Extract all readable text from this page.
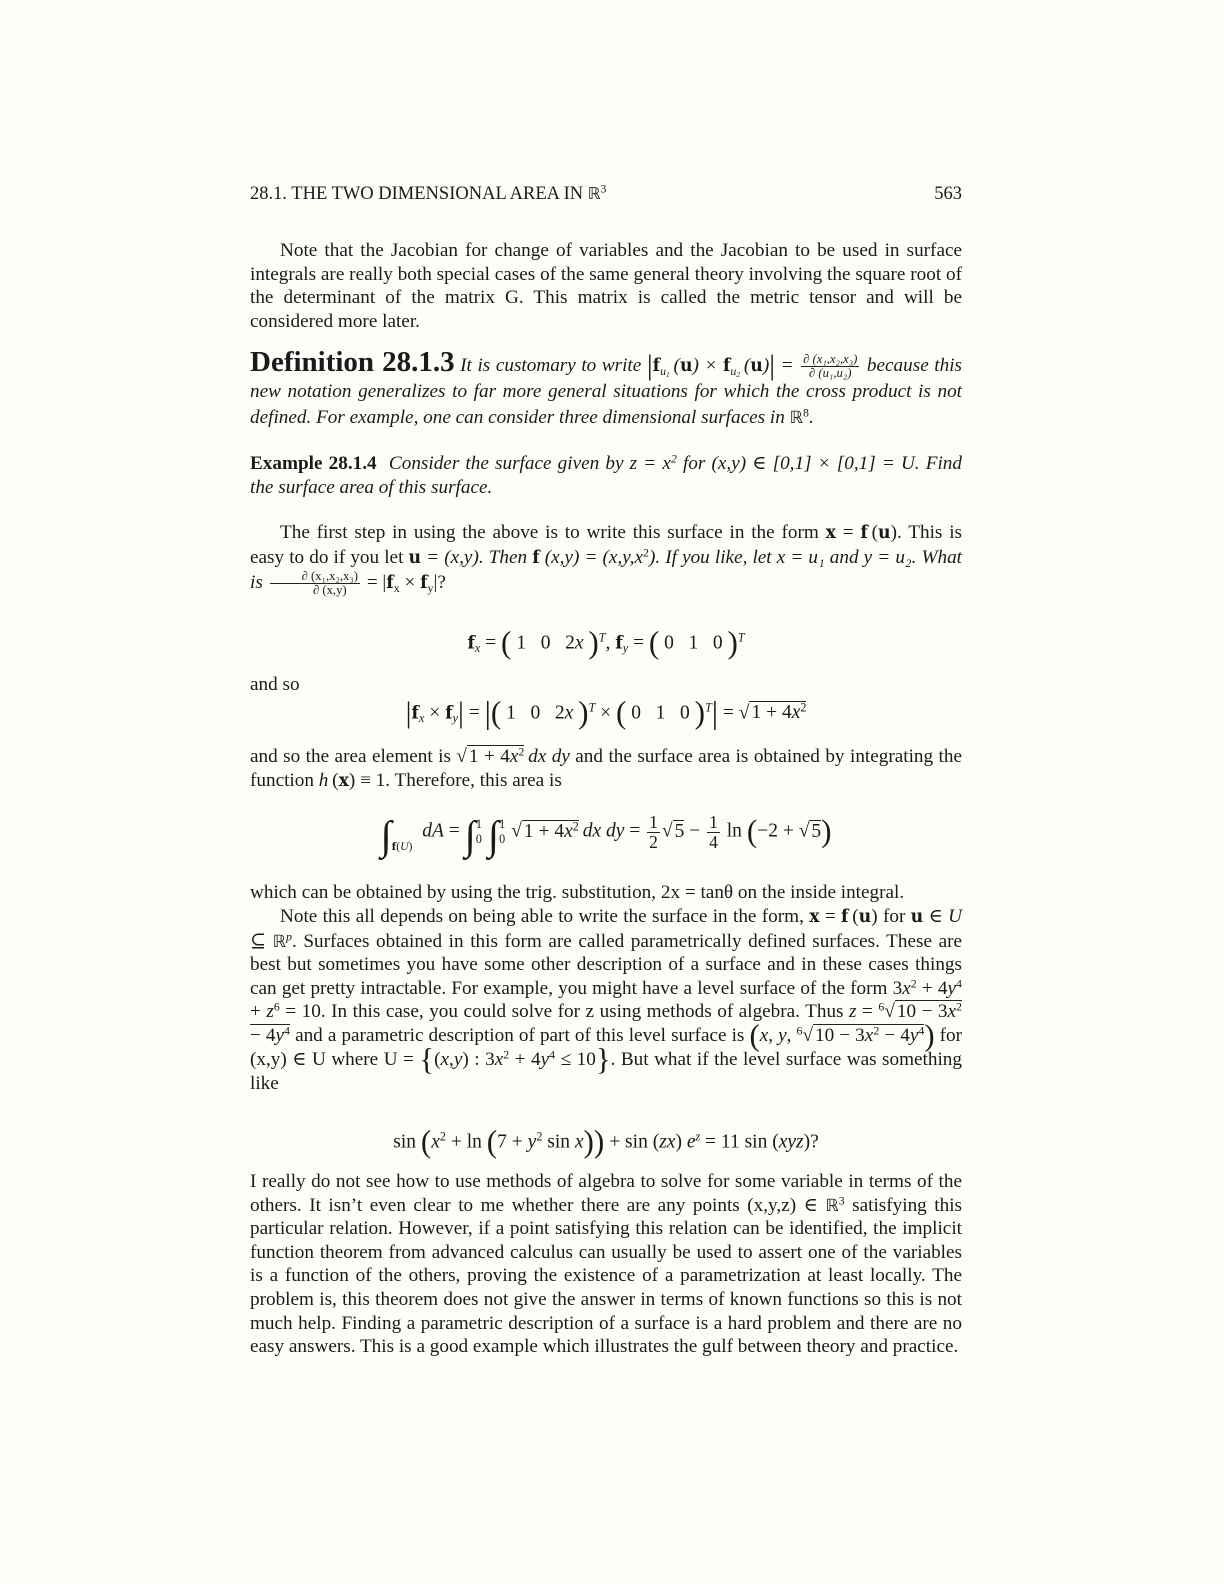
28.1. THE TWO DIMENSIONAL AREA IN ℝ$^3$	563
Note that the Jacobian for change of variables and the Jacobian to be used in surface integrals are really both special cases of the same general theory involving the square root of the determinant of the matrix G. This matrix is called the metric tensor and will be considered more later.
Definition 28.1.3 It is customary to write $|f_{u_1}$ $(u) \times f_{u_2}$ $(u)| = \frac{\text{∂ (x₁,x₂,x₃)}}{\text{∂ (u₁,u₂)}}$ because this new notation generalizes to far more general situations for which the cross product is not defined. For example, one can consider three dimensional surfaces in ℝ$^8$.
Example 28.1.4 Consider the surface given by $z = x^2$ for (x,y) ∈ [0,1] × [0,1] = U. Find the surface area of this surface.
The first step in using the above is to write this surface in the form x = f (u). This is easy to do if you let u = (x,y). Then f $(x,y) = (x,y,x^2)$. If you like, let x = u₁ and y = u₂. What is $\frac{\text{∂ (x₁,x₂,x₃)}}{\partial (x,y)} = |f_x \times f_y|$?
$f_x$ = ( 1   0   2x )$^T$, $f_y$ = ( 0   1   0 )$^T$
and so
$|f_x \times f_y|$ = |( 1   0   2x )$^T$ × ( 0   1   0 )$^T$| = √ $1 + 4x^2$
and so the area element is √ $1 + 4x^2$  dx dy and the surface area is obtained by integrating the function h (x) ≡ 1. Therefore, this area is
$\int_{f(U)}$  dA = ∫ 1
0 ∫ 1
0 √ $1 + 4x^2$  dx dy = $\frac{1}{2}$ √ $5 - \frac{1}{4}$ ln (−2 + √ 5)
which can be obtained by using the trig. substitution, 2x = tanθ on the inside integral.
Note this all depends on being able to write the surface in the form, x = f (u) for u ∈ U ⊆ ℝ$^p$. Surfaces obtained in this form are called parametrically defined surfaces. These are best but sometimes you have some other description of a surface and in these cases things can get pretty intractable. For example, you might have a level surface of the form $3x^2 + 4y^4 + z^6 = 10$. In this case, you could solve for z using methods of algebra. Thus z = $^6$√ $10 - 3x^2 - 4y^4$ and a parametric description of part of this level surface is (x, y, $^6$√ $10 - 3x^2 - 4y^4$) for (x,y) ∈ U where U = {(x,y) : $3x^2 + 4y^4 \le 10$}. But what if the level surface was something like
$\sin (x^2 + \ln (7 + y^2$ sin x)) + sin (zx) $e^z = 11$ sin (xyz)?
I really do not see how to use methods of algebra to solve for some variable in terms of the others. It isn’t even clear to me whether there are any points (x,y,z) ∈ ℝ$^3$ satisfying this particular relation. However, if a point satisfying this relation can be identified, the implicit function theorem from advanced calculus can usually be used to assert one of the variables is a function of the others, proving the existence of a parametrization at least locally. The problem is, this theorem does not give the answer in terms of known functions so this is not much help. Finding a parametric description of a surface is a hard problem and there are no easy answers. This is a good example which illustrates the gulf between theory and practice.
